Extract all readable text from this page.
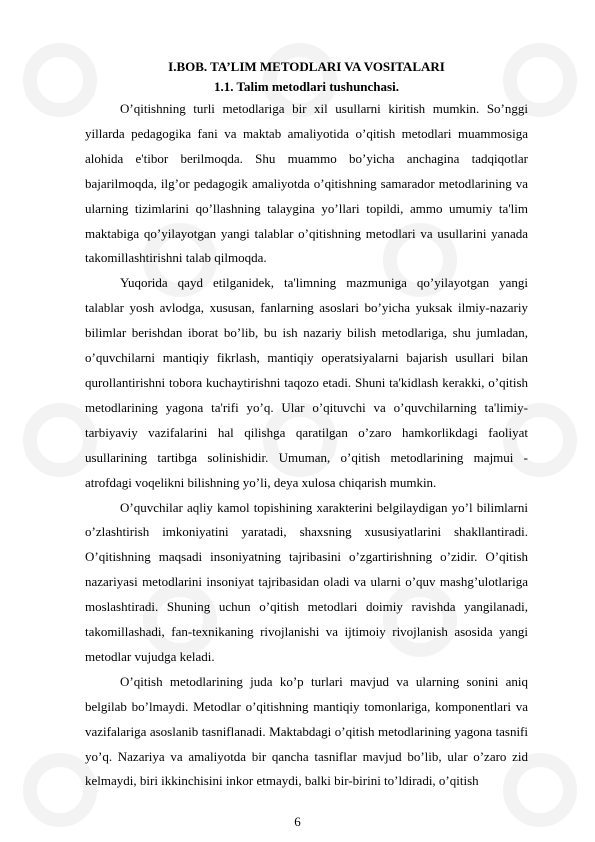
I.BOB. TA’LIM METODLARI VA VOSITALARI

1.1. Talim metodlari tushunchasi.

O’qitishning turli metodlariga bir xil usullarni kiritish mumkin. So’nggi yillarda pedagogika fani va maktab amaliyotida o’qitish metodlari muammosiga alohida e'tibor berilmoqda. Shu muammo bo’yicha anchagina tadqiqotlar bajarilmoqda, ilg’or pedagogik amaliyotda o’qitishning samarador metodlarining va ularning tizimlarini qo’llashning talaygina yo’llari topildi, ammo umumiy ta'lim maktabiga qo’yilayotgan yangi talablar o’qitishning metodlari va usullarini yanada takomillashtirishni talab qilmoqda.

Yuqorida qayd etilganidek, ta'limning mazmuniga qo’yilayotgan yangi talablar yosh avlodga, xususan, fanlarning asoslari bo’yicha yuksak ilmiy-nazariy bilimlar berishdan iborat bo’lib, bu ish nazariy bilish metodlariga, shu jumladan, o’quvchilarni mantiqiy fikrlash, mantiqiy operatsiyalarni bajarish usullari bilan qurollantirishni tobora kuchaytirishni taqozo etadi. Shuni ta'kidlash kerakki, o’qitish metodlarining yagona ta'rifi yo’q. Ular o’qituvchi va o’quvchilarning ta'limiy-tarbiyaviy vazifalarini hal qilishga qaratilgan o’zaro hamkorlikdagi faoliyat usullarining tartibga solinishidir. Umuman, o’qitish metodlarining majmui - atrofdagi voqelikni bilishning yo’li, deya xulosa chiqarish mumkin.

O’quvchilar aqliy kamol topishining xarakterini belgilaydigan yo’l bilimlarni o’zlashtirish imkoniyatini yaratadi, shaxsning xususiyatlarini shakllantiradi. O’qitishning maqsadi insoniyatning tajribasini o’zgartirishning o’zidir. O’qitish nazariyasi metodlarini insoniyat tajribasidan oladi va ularni o’quv mashg’ulotlariga moslashtiradi. Shuning uchun o’qitish metodlari doimiy ravishda yangilanadi, takomillashadi, fan-texnikaning rivojlanishi va ijtimoiy rivojlanish asosida yangi metodlar vujudga keladi.

O’qitish metodlarining juda ko’p turlari mavjud va ularning sonini aniq belgilab bo’lmaydi. Metodlar o’qitishning mantiqiy tomonlariga, komponentlari va vazifalariga asoslanib tasniflanadi. Maktabdagi o’qitish metodlarining yagona tasnifi yo’q. Nazariya va amaliyotda bir qancha tasniflar mavjud bo’lib, ular o’zaro zid kelmaydi, biri ikkinchisini inkor etmaydi, balki bir-birini to’ldiradi, o’qitish

6
